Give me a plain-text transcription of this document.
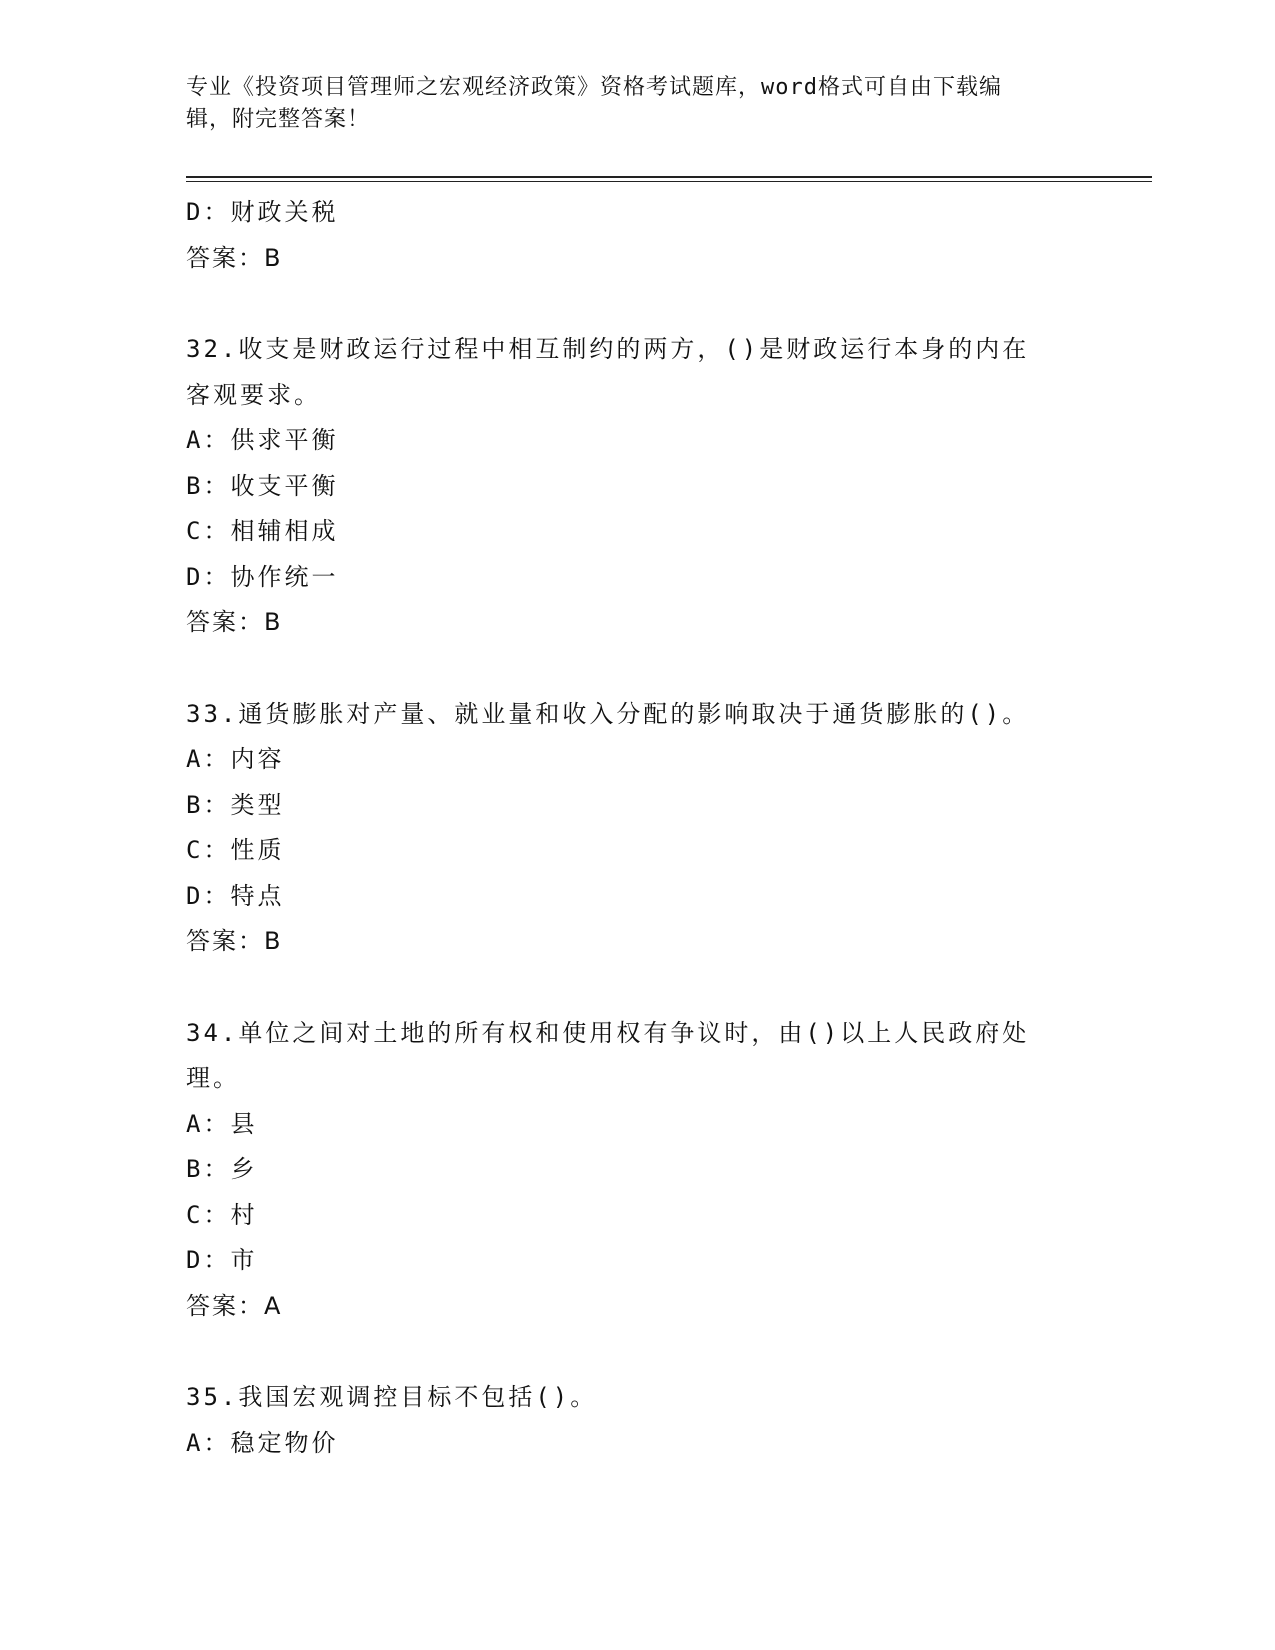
专业《投资项目管理师之宏观经济政策》资格考试题库，word格式可自由下载编
辑，附完整答案！

D：财政关税
答案：B
32.收支是财政运行过程中相互制约的两方，()是财政运行本身的内在
客观要求。
A：供求平衡
B：收支平衡
C：相辅相成
D：协作统一
答案：B
33.通货膨胀对产量、就业量和收入分配的影响取决于通货膨胀的()。
A：内容
B：类型
C：性质
D：特点
答案：B
34.单位之间对土地的所有权和使用权有争议时，由()以上人民政府处
理。
A：县
B：乡
C：村
D：市
答案：A
35.我国宏观调控目标不包括()。
A：稳定物价
